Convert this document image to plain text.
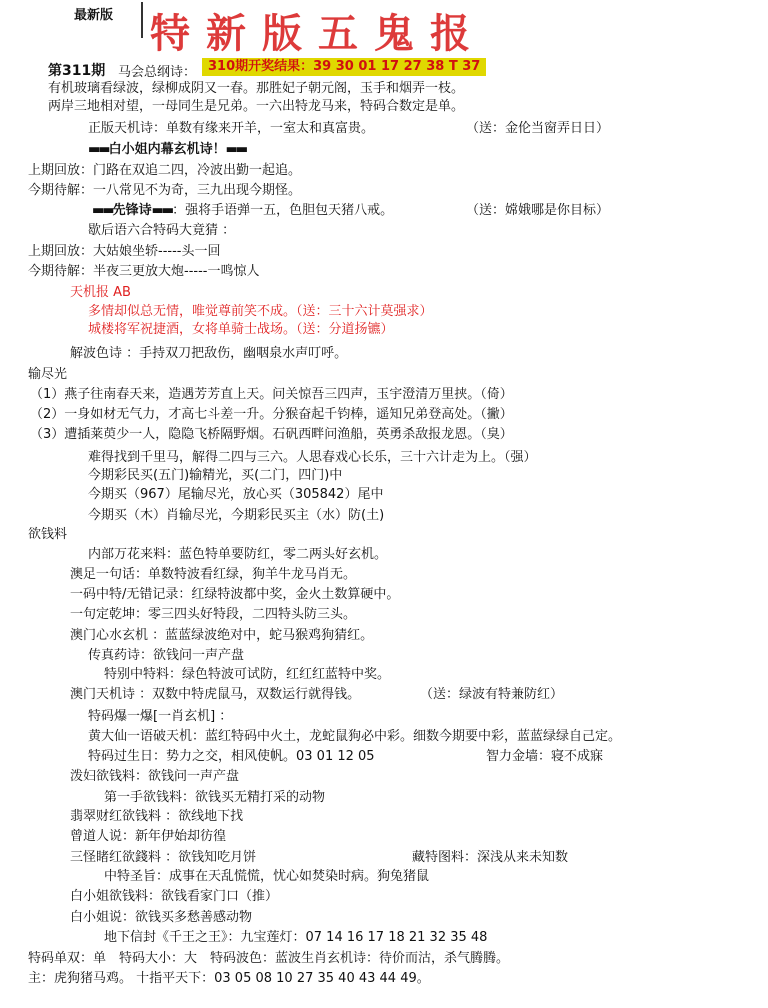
最新版 特新版五鬼报
第311期 马会总纲诗： 310期开奖结果：39 30 01 17 27 38 T 37
有机玻璃看绿波，绿柳成阴又一春。那胜妃子朝元阁，玉手和烟弄一枝。
两岸三地相对望，一母同生是兄弟。一六出特龙马来，特码合数定是单。
正版天机诗：单数有缘来开羊，一室太和真富贵。	（送：金伦当窗弄日日）
▬▬白小姐内幕玄机诗！▬▬
上期回放：门路在双追二四，冷波出勤一起追。
今期待解：一八常见不为奇，三九出现今期怪。
▬▬先锋诗▬▬：强将手语弹一五，色胆包天猪八戒。	（送：嫦娥哪是你目标）
歇后语六合特码大竟猜 ：
上期回放：大姑娘坐轿-----头一回
今期待解：半夜三更放大炮-----一鸣惊人
天机报 AB
多情却似总无情，唯觉尊前笑不成。（送：三十六计莫强求）
城楼将军祝捷酒，女将单骑士战场。（送：分道扬镳）
解波色诗 ：手持双刀把敌伤，幽咽泉水声叮呼。
输尽光
（1）燕子往南春天来，造遇芳芳直上天。问关惊吾三四声，玉宇澄清万里挟。（倚）
（2）一身如材无气力，才高七斗差一升。分猴奋起千钧棒，遥知兄弟登高处。（撇）
（3）遭插莱萸少一人，隐隐飞桥隔野烟。石矾西畔问渔船，英勇杀敌报龙恩。（臭）
难得找到千里马，解得二四与三六。人思春戏心长乐，三十六计走为上。（强）
今期彩民买(五门)输精光，买(二门，四门)中
今期买（967）尾输尽光，放心买（305842）尾中
今期买（木）肖输尽光，今期彩民买主（水）防(土)
欲钱料
内部万花来料：蓝色特单要防红，零二两头好玄机。
澳足一句话：单数特波看红绿，狗羊牛龙马肖无。
一码中特/无错记录：红绿特波都中奖，金火土数算硬中。
一句定乾坤：零三四头好特段，二四特头防三头。
澳门心水玄机 ：蓝蓝绿波绝对中，蛇马猴鸡狗猜红。
传真药诗：欲钱问一声产盘
特别中特料：绿色特波可试防，红红红蓝特中奖。
澳门天机诗 ：双数中特虎鼠马，双数运行就得钱。	（送：绿波有特兼防红）
特码爆一爆[一肖玄机] ：
黄大仙一语破天机：蓝红特码中火土，龙蛇鼠狗必中彩。细数今期要中彩，蓝蓝绿绿自己定。
特码过生日：势力之交，相风使帆。03 01 12 05	智力金墙：寝不成寐
泼妇欲钱料：欲钱问一声产盘
第一手欲钱料：欲钱买无精打采的动物
翡翠财红欲钱料 ：欲线地下找
曾道人说：新年伊始却彷徨
三怪睹红欲錢料 ：欲钱知吃月饼	藏特图料：深浅从来未知数
中特圣旨：成事在天乱慌慌，忧心如焚染时病。狗兔猪鼠
白小姐欲钱料：欲钱看家门口（推）
白小姐说：欲钱买多愁善感动物
地下信封《千王之王》：九宝莲灯：07 14 16 17 18 21 32 35 48
特码单双：单　特码大小：大　特码波色：蓝波生肖玄机诗：待价而沽，杀气腾腾。
主：虎狗猪马鸡。 十指平天下：03 05 08 10 27 35 40 43 44 49。
